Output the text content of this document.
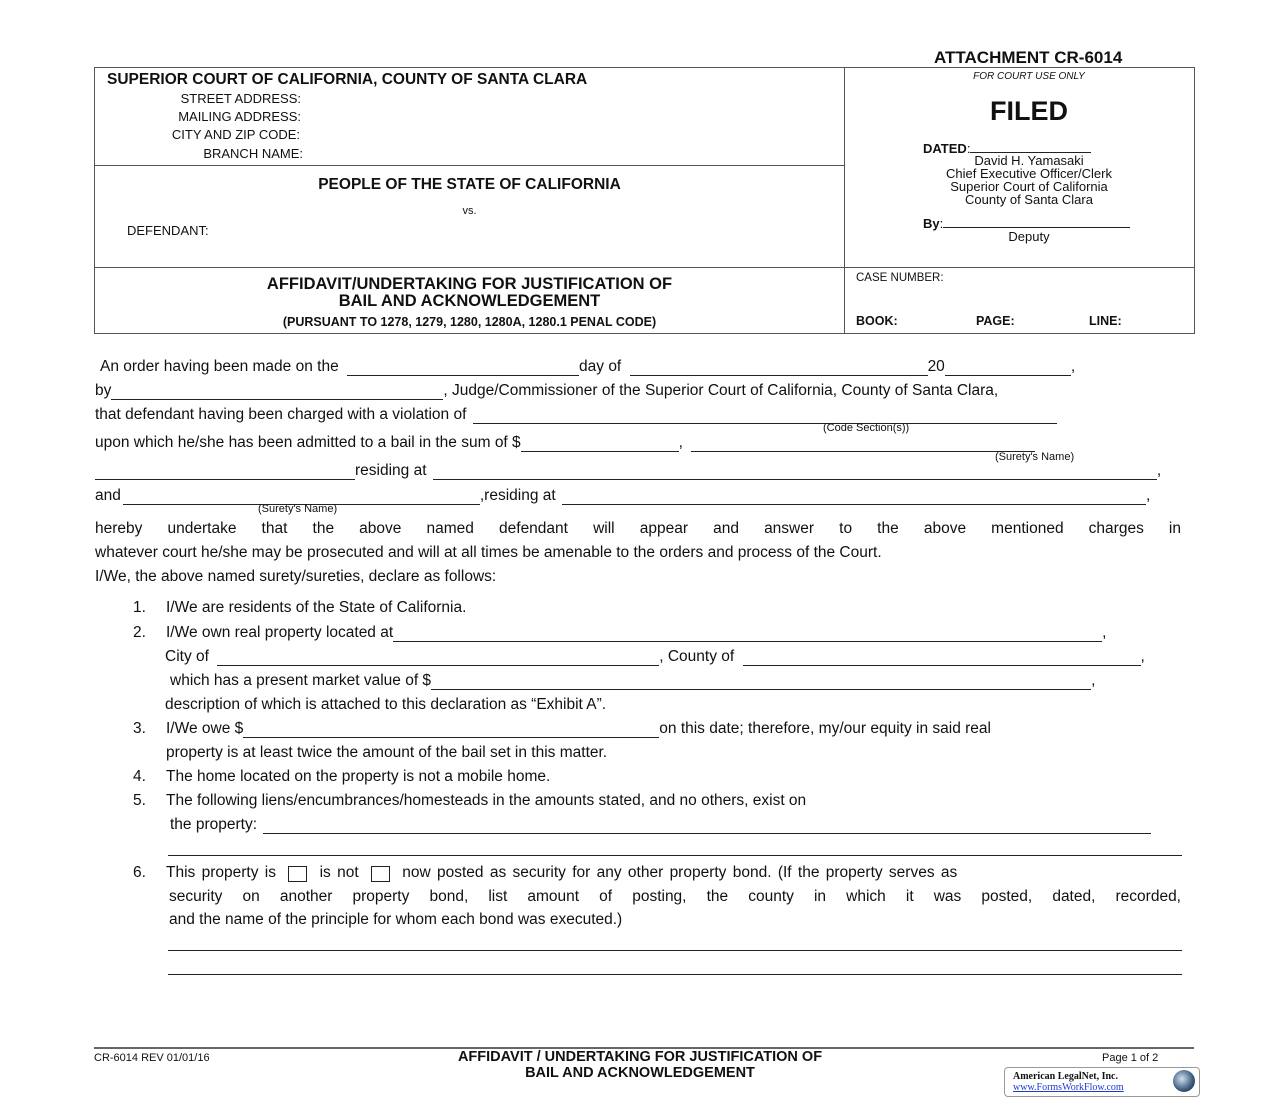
ATTACHMENT CR-6014
SUPERIOR COURT OF CALIFORNIA, COUNTY OF SANTA CLARA
STREET ADDRESS:
MAILING ADDRESS:
CITY AND ZIP CODE:
BRANCH NAME:
PEOPLE OF THE STATE OF CALIFORNIA
vs.
DEFENDANT:
FOR COURT USE ONLY
FILED
DATED:
David H. Yamasaki
Chief Executive Officer/Clerk
Superior Court of California
County of Santa Clara
By:
Deputy
AFFIDAVIT/UNDERTAKING FOR JUSTIFICATION OF
BAIL AND ACKNOWLEDGEMENT
(PURSUANT TO 1278, 1279, 1280, 1280A, 1280.1 PENAL CODE)
CASE NUMBER:
BOOK:	PAGE:	LINE:
An order having been made on the	day of	20	,
by	, Judge/Commissioner of the Superior Court of California, County of Santa Clara,
that defendant having been charged with a violation of
(Code Section(s))
upon which he/she has been admitted to a bail in the sum of $	,
(Surety's Name)
residing at	,
and	,residing at	,
(Surety's Name)
hereby undertake that the above named defendant will appear and answer to the above mentioned charges in
whatever court he/she may be prosecuted and will at all times be amenable to the orders and process of the Court.
I/We, the above named surety/sureties, declare as follows:
1. I/We are residents of the State of California.
2. I/We own real property located at	,
City of	, County of	,
which has a present market value of $	,
description of which is attached to this declaration as “Exhibit A”.
3. I/We owe $	on this date; therefore, my/our equity in said real
property is at least twice the amount of the bail set in this matter.
4. The home located on the property is not a mobile home.
5. The following liens/encumbrances/homesteads in the amounts stated, and no others, exist on
the property:
6. This property is	is not	now posted as security for any other property bond. (If the property serves as
security on another property bond, list amount of posting, the county in which it was posted, dated, recorded,
and the name of the principle for whom each bond was executed.)
CR-6014 REV 01/01/16	AFFIDAVIT / UNDERTAKING FOR JUSTIFICATION OF
BAIL AND ACKNOWLEDGEMENT
Page 1 of 2
American LegalNet, Inc.
www.FormsWorkFlow.com
